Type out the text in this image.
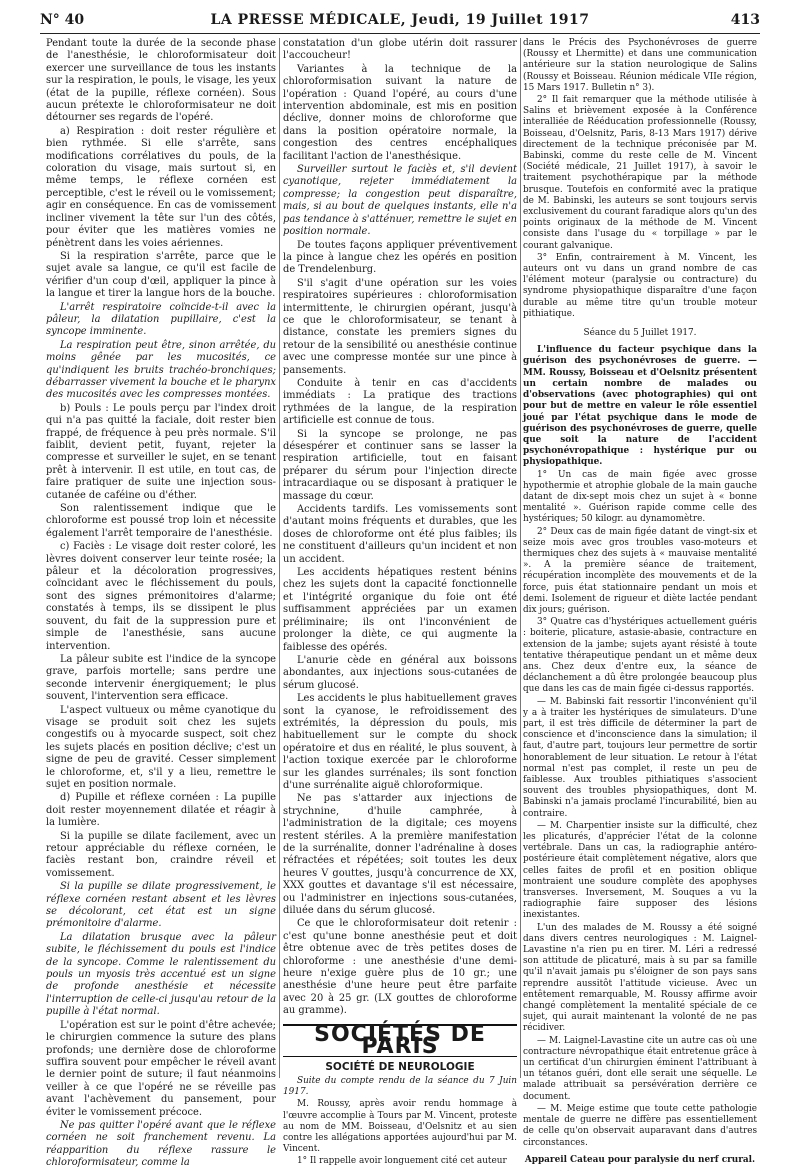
N° 40	LA PRESSE MÉDICALE, Jeudi, 19 Juillet 1917	413

Pendant toute la durée de la seconde phase de l'anesthésie, le chloroformisateur doit exercer une surveillance de tous les instants sur la respiration, le pouls, le visage, les yeux (état de la pupille, réflexe cornéen). Sous aucun prétexte le chloroformisateur ne doit détourner ses regards de l'opéré.

a) Respiration : doit rester régulière et bien rythmée. Si elle s'arrête, sans modifications corrélatives du pouls, de la coloration du visage, mais surtout si, en même temps, le réflexe cornéen est perceptible, c'est le réveil ou le vomissement; agir en conséquence. En cas de vomissement incliner vivement la tête sur l'un des côtés, pour éviter que les matières vomies ne pénètrent dans les voies aériennes.

Si la respiration s'arrête, parce que le sujet avale sa langue, ce qu'il est facile de vérifier d'un coup d'œil, appliquer la pince à la langue et tirer la langue hors de la bouche.

L'arrêt respiratoire coïncide-t-il avec la pâleur, la dilatation pupillaire, c'est la syncope imminente.

La respiration peut être, sinon arrêtée, du moins gênée par les mucosités, ce qu'indiquent les bruits trachéo-bronchiques; débarrasser vivement la bouche et le pharynx des mucosités avec les compresses montées.

b) Pouls : Le pouls perçu par l'index droit qui n'a pas quitté la faciale, doit rester bien frappé, de fréquence à peu près normale. S'il faiblit, devient petit, fuyant, rejeter la compresse et surveiller le sujet, en se tenant prêt à intervenir. Il est utile, en tout cas, de faire pratiquer de suite une injection sous-cutanée de caféine ou d'éther.

Son ralentissement indique que le chloroforme est poussé trop loin et nécessite également l'arrêt temporaire de l'anesthésie.

c) Faciès : Le visage doit rester coloré, les lèvres doivent conserver leur teinte rosée; la pâleur et la décoloration progressives, coïncidant avec le fléchissement du pouls, sont des signes prémonitoires d'alarme; constatés à temps, ils se dissipent le plus souvent, du fait de la suppression pure et simple de l'anesthésie, sans aucune intervention.

La pâleur subite est l'indice de la syncope grave, parfois mortelle; sans perdre une seconde intervenir énergiquement; le plus souvent, l'intervention sera efficace.

L'aspect vultueux ou même cyanotique du visage se produit soit chez les sujets congestifs ou à myocarde suspect, soit chez les sujets placés en position déclive; c'est un signe de peu de gravité. Cesser simplement le chloroforme, et, s'il y a lieu, remettre le sujet en position normale.

d) Pupille et réflexe cornéen : La pupille doit rester moyennement dilatée et réagir à la lumière.

Si la pupille se dilate facilement, avec un retour appréciable du réflexe cornéen, le faciès restant bon, craindre réveil et vomissement.

Si la pupille se dilate progressivement, le réflexe cornéen restant absent et les lèvres se décolorant, cet état est un signe prémonitoire d'alarme.

La dilatation brusque avec la pâleur subite, le fléchissement du pouls est l'indice de la syncope. Comme le ralentissement du pouls un myosis très accentué est un signe de profonde anesthésie et nécessite l'interruption de celle-ci jusqu'au retour de la pupille à l'état normal.

L'opération est sur le point d'être achevée; le chirurgien commence la suture des plans profonds; une dernière dose de chloroforme suffira souvent pour empêcher le réveil avant le dernier point de suture; il faut néanmoins veiller à ce que l'opéré ne se réveille pas avant l'achèvement du pansement, pour éviter le vomissement précoce.

Ne pas quitter l'opéré avant que le réflexe cornéen ne soit franchement revenu. La réapparition du réflexe rassure le chloroformisateur, comme la

constatation d'un globe utérin doit rassurer l'accoucheur!

Variantes à la technique de la chloroformisation suivant la nature de l'opération : Quand l'opéré, au cours d'une intervention abdominale, est mis en position déclive, donner moins de chloroforme que dans la position opératoire normale, la congestion des centres encéphaliques facilitant l'action de l'anesthésique.

Surveiller surtout le faciès et, s'il devient cyanotique, rejeter immédiatement la compresse; la congestion peut disparaître, mais, si au bout de quelques instants, elle n'a pas tendance à s'atténuer, remettre le sujet en position normale.

De toutes façons appliquer préventivement la pince à langue chez les opérés en position de Trendelenburg.

S'il s'agit d'une opération sur les voies respiratoires supérieures : chloroformisation intermittente, le chirurgien opérant, jusqu'à ce que le chloroformisateur, se tenant à distance, constate les premiers signes du retour de la sensibilité ou anesthésie continue avec une compresse montée sur une pince à pansements.

Conduite à tenir en cas d'accidents immédiats : La pratique des tractions rythmées de la langue, de la respiration artificielle est connue de tous.

Si la syncope se prolonge, ne pas désespérer et continuer sans se lasser la respiration artificielle, tout en faisant préparer du sérum pour l'injection directe intracardiaque ou se disposant à pratiquer le massage du cœur.

Accidents tardifs. Les vomissements sont d'autant moins fréquents et durables, que les doses de chloroforme ont été plus faibles; ils ne constituent d'ailleurs qu'un incident et non un accident.

Les accidents hépatiques restent bénins chez les sujets dont la capacité fonctionnelle et l'intégrité organique du foie ont été suffisamment appréciées par un examen préliminaire; ils ont l'inconvénient de prolonger la diète, ce qui augmente la faiblesse des opérés.

L'anurie cède en général aux boissons abondantes, aux injections sous-cutanées de sérum glucosé.

Les accidents le plus habituellement graves sont la cyanose, le refroidissement des extrémités, la dépression du pouls, mis habituellement sur le compte du shock opératoire et dus en réalité, le plus souvent, à l'action toxique exercée par le chloroforme sur les glandes surrénales; ils sont fonction d'une surrénalite aiguë chloroformique.

Ne pas s'attarder aux injections de strychnine, d'huile camphrée, à l'administration de la digitale; ces moyens restent stériles. A la première manifestation de la surrénalite, donner l'adrénaline à doses réfractées et répétées; soit toutes les deux heures V gouttes, jusqu'à concurrence de XX, XXX gouttes et davantage s'il est nécessaire, ou l'administrer en injections sous-cutanées, diluée dans du sérum glucosé.

Ce que le chloroformisateur doit retenir : c'est qu'une bonne anesthésie peut et doit être obtenue avec de très petites doses de chloroforme : une anesthésie d'une demi-heure n'exige guère plus de 10 gr.; une anesthésie d'une heure peut être parfaite avec 20 à 25 gr. (LX gouttes de chloroforme au gramme).

SOCIÉTÉS DE PARIS
SOCIÉTÉ DE NEUROLOGIE

Suite du compte rendu de la séance du 7 Juin 1917.

M. Roussy, après avoir rendu hommage à l'œuvre accomplie à Tours par M. Vincent, proteste au nom de MM. Boisseau, d'Oelsnitz et au sien contre les allégations apportées aujourd'hui par M. Vincent.

1° Il rappelle avoir longuement cité cet auteur

dans le Précis des Psychonévroses de guerre (Roussy et Lhermitte) et dans une communication antérieure sur la station neurologique de Salins (Roussy et Boisseau. Réunion médicale VIIe région, 15 Mars 1917. Bulletin n° 3).

2° Il fait remarquer que la méthode utilisée à Salins et brièvement exposée à la Conférence interalliée de Rééducation professionnelle (Roussy, Boisseau, d'Oelsnitz, Paris, 8-13 Mars 1917) dérive directement de la technique préconisée par M. Babinski, comme du reste celle de M. Vincent (Société médicale, 21 Juillet 1917), à savoir le traitement psychothérapique par la méthode brusque. Toutefois en conformité avec la pratique de M. Babinski, les auteurs se sont toujours servis exclusivement du courant faradique alors qu'un des points originaux de la méthode de M. Vincent consiste dans l'usage du « torpillage » par le courant galvanique.

3° Enfin, contrairement à M. Vincent, les auteurs ont vu dans un grand nombre de cas l'élément moteur (paralysie ou contracture) du syndrome physiopathique disparaître d'une façon durable au même titre qu'un trouble moteur pithiatique.

Séance du 5 Juillet 1917.

L'influence du facteur psychique dans la guérison des psychonévroses de guerre. — MM. Roussy, Boisseau et d'Oelsnitz présentent un certain nombre de malades ou d'observations (avec photographies) qui ont pour but de mettre en valeur le rôle essentiel joué par l'état psychique dans le mode de guérison des psychonévroses de guerre, quelle que soit la nature de l'accident psychonévropathique : hystérique pur ou physiopathique.

1° Un cas de main figée avec grosse hypothermie et atrophie globale de la main gauche datant de dix-sept mois chez un sujet à « bonne mentalité ». Guérison rapide comme celle des hystériques; 50 kilogr. au dynamomètre.

2° Deux cas de main figée datant de vingt-six et seize mois avec gros troubles vaso-moteurs et thermiques chez des sujets à « mauvaise mentalité ». A la première séance de traitement, récupération incomplète des mouvements et de la force, puis état stationnaire pendant un mois et demi. Isolement de rigueur et diète lactée pendant dix jours; guérison.

3° Quatre cas d'hystériques actuellement guéris : boiterie, plicature, astasie-abasie, contracture en extension de la jambe; sujets ayant résisté à toute tentative thérapeutique pendant un et même deux ans. Chez deux d'entre eux, la séance de déclanchement a dû être prolongée beaucoup plus que dans les cas de main figée ci-dessus rapportés.

— M. Babinski fait ressortir l'inconvénient qu'il y a à traiter les hystériques de simulateurs. D'une part, il est très difficile de déterminer la part de conscience et d'inconscience dans la simulation; il faut, d'autre part, toujours leur permettre de sortir honorablement de leur situation. Le retour à l'état normal n'est pas complet, il reste un peu de faiblesse. Aux troubles pithiatiques s'associent souvent des troubles physiopathiques, dont M. Babinski n'a jamais proclamé l'incurabilité, bien au contraire.

— M. Charpentier insiste sur la difficulté, chez les plicaturés, d'apprécier l'état de la colonne vertébrale. Dans un cas, la radiographie antéro-postérieure était complètement négative, alors que celles faites de profil et en position oblique montraient une soudure complète des apophyses transverses. Inversement, M. Souques a vu la radiographie faire supposer des lésions inexistantes.

L'un des malades de M. Roussy a été soigné dans divers centres neurologiques : M. Laignel-Lavastine n'a rien pu en tirer. M. Léri a redressé son attitude de plicaturé, mais à su par sa famille qu'il n'avait jamais pu s'éloigner de son pays sans reprendre aussitôt l'attitude vicieuse. Avec un entêtement remarquable, M. Roussy affirme avoir changé complètement la mentalité spéciale de ce sujet, qui aurait maintenant la volonté de ne pas récidiver.

— M. Laignel-Lavastine cite un autre cas où une contracture névropathique était entretenue grâce à un certificat d'un chirurgien éminent l'attribuant à un tétanos guéri, dont elle serait une séquelle. Le malade attribuait sa persévération derrière ce document.

— M. Meige estime que toute cette pathologie mentale de guerre ne diffère pas essentiellement de celle qu'on observait auparavant dans d'autres circonstances.

Appareil Cateau pour paralysie du nerf crural.
